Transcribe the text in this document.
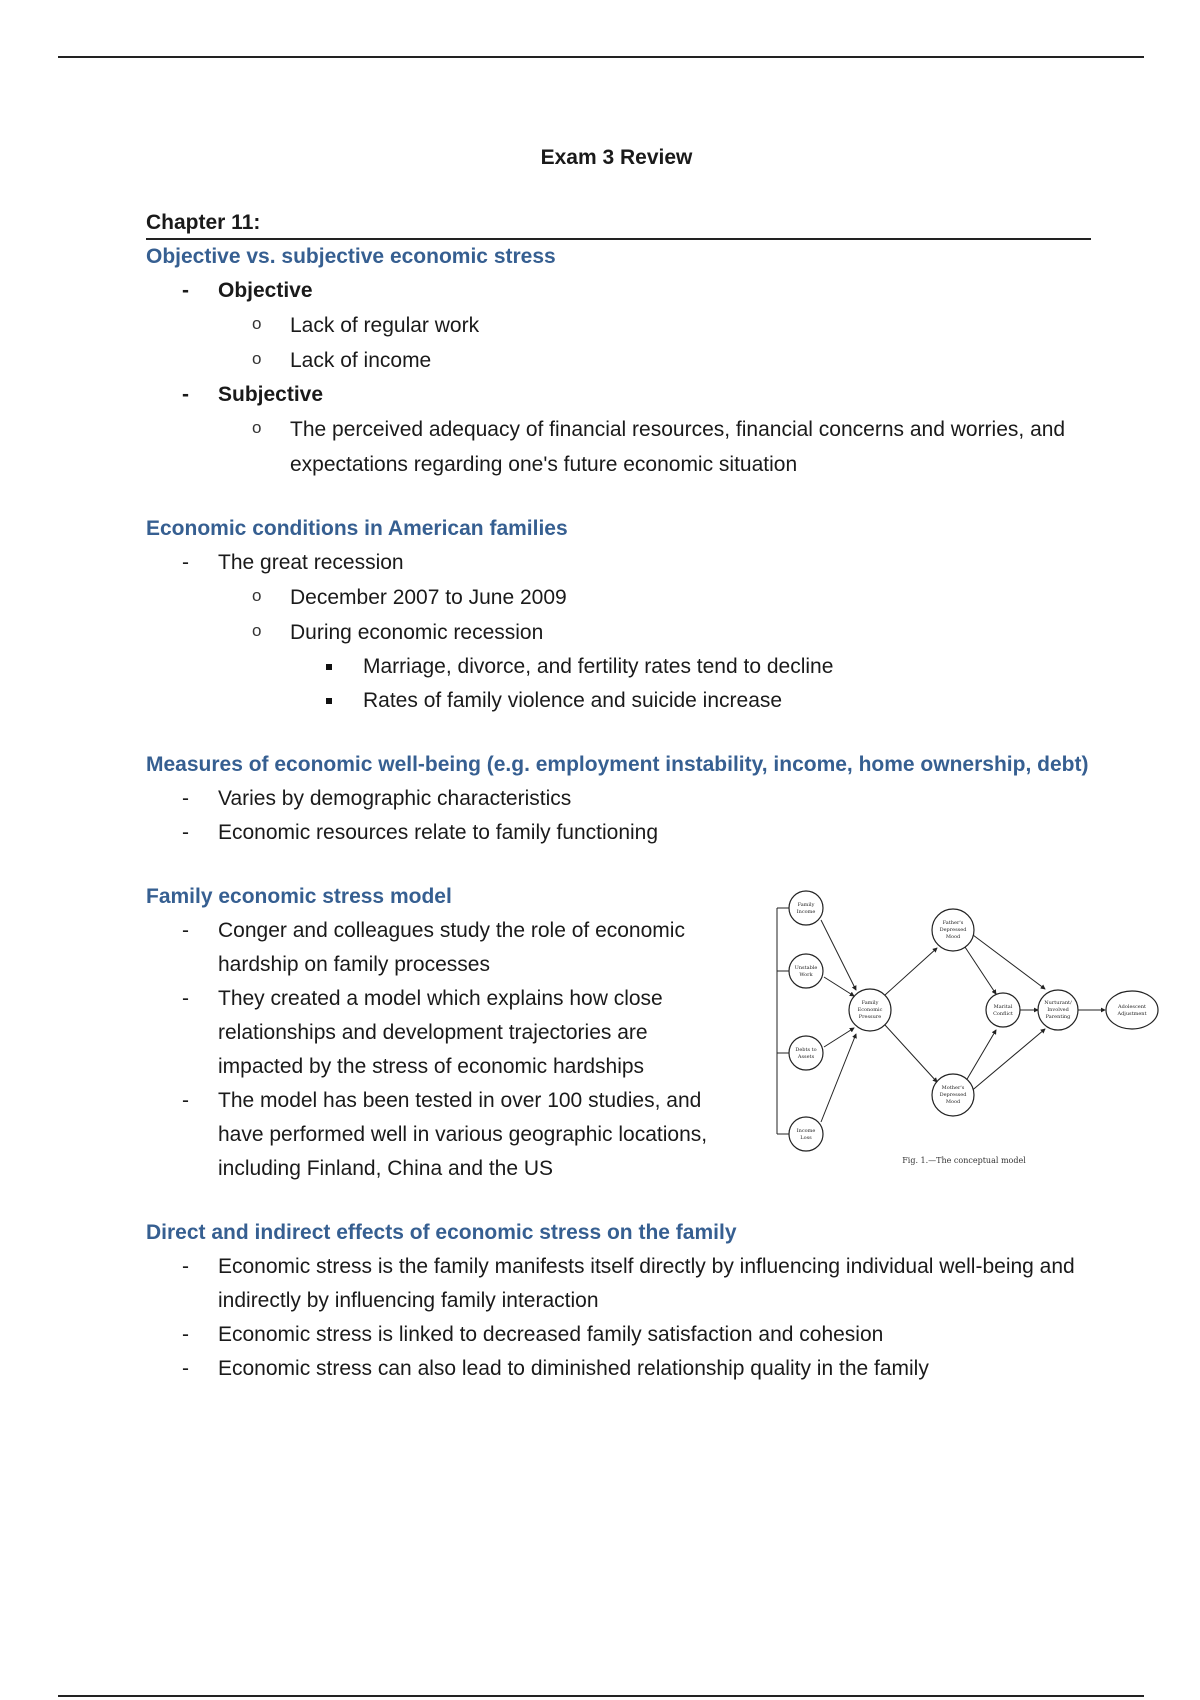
Exam 3 Review
Chapter 11:
Objective vs. subjective economic stress
- Objective
o Lack of regular work
o Lack of income
- Subjective
o The perceived adequacy of financial resources, financial concerns and worries, and expectations regarding one's future economic situation
Economic conditions in American families
- The great recession
o December 2007 to June 2009
o During economic recession
Marriage, divorce, and fertility rates tend to decline
Rates of family violence and suicide increase
Measures of economic well-being (e.g. employment instability, income, home ownership, debt)
- Varies by demographic characteristics
- Economic resources relate to family functioning
Family economic stress model
- Conger and colleagues study the role of economic hardship on family processes
- They created a model which explains how close relationships and development trajectories are impacted by the stress of economic hardships
- The model has been tested in over 100 studies, and have performed well in various geographic locations, including Finland, China and the US
Direct and indirect effects of economic stress on the family
- Economic stress is the family manifests itself directly by influencing individual well-being and indirectly by influencing family interaction
- Economic stress is linked to decreased family satisfaction and cohesion
- Economic stress can also lead to diminished relationship quality in the family
Family
Income
Unstable
Work
Debts to
Assets
Income
Loss
Family
Economic
Pressure
Father's
Depressed
Mood
Mother's
Depressed
Mood
Marital
Conflict
Nurturant/
Involved
Parenting
Adolescent
Adjustment
Fig. 1.—The conceptual model
